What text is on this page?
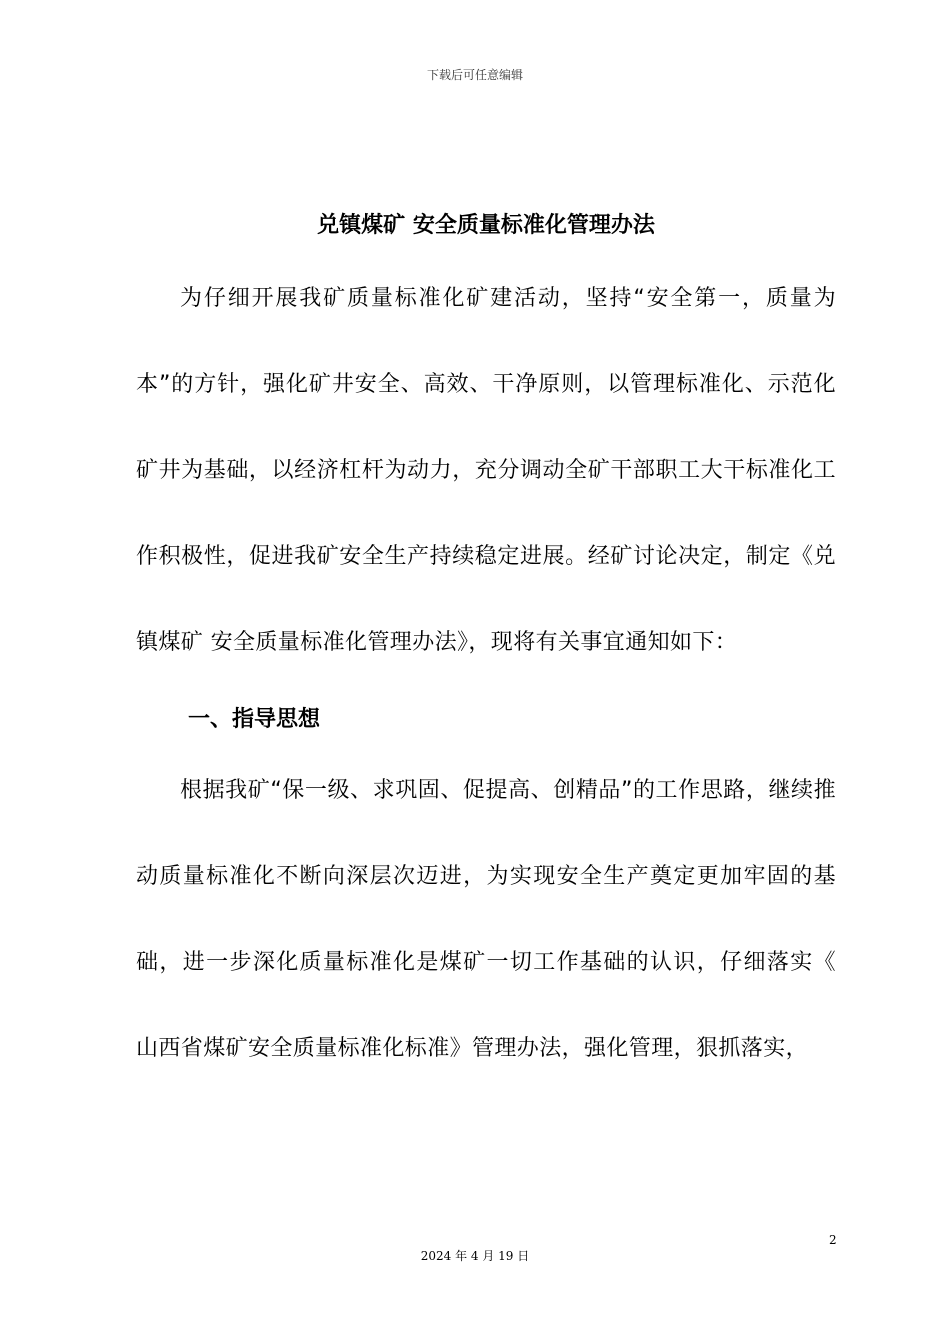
下载后可任意编辑
兑镇煤矿 安全质量标准化管理办法

为仔细开展我矿质量标准化矿建活动，坚持“安全第一，质量为本”的方针，强化矿井安全、高效、干净原则，以管理标准化、示范化矿井为基础，以经济杠杆为动力，充分调动全矿干部职工大干标准化工作积极性，促进我矿安全生产持续稳定进展。经矿讨论决定，制定《兑镇煤矿 安全质量标准化管理办法》，现将有关事宜通知如下：

一、指导思想

根据我矿“保一级、求巩固、促提高、创精品”的工作思路，继续推动质量标准化不断向深层次迈进，为实现安全生产奠定更加牢固的基础，进一步深化质量标准化是煤矿一切工作基础的认识，仔细落实《 山西省煤矿安全质量标准化标准》管理办法，强化管理，狠抓落实，

2
2024 年 4 月 19 日
